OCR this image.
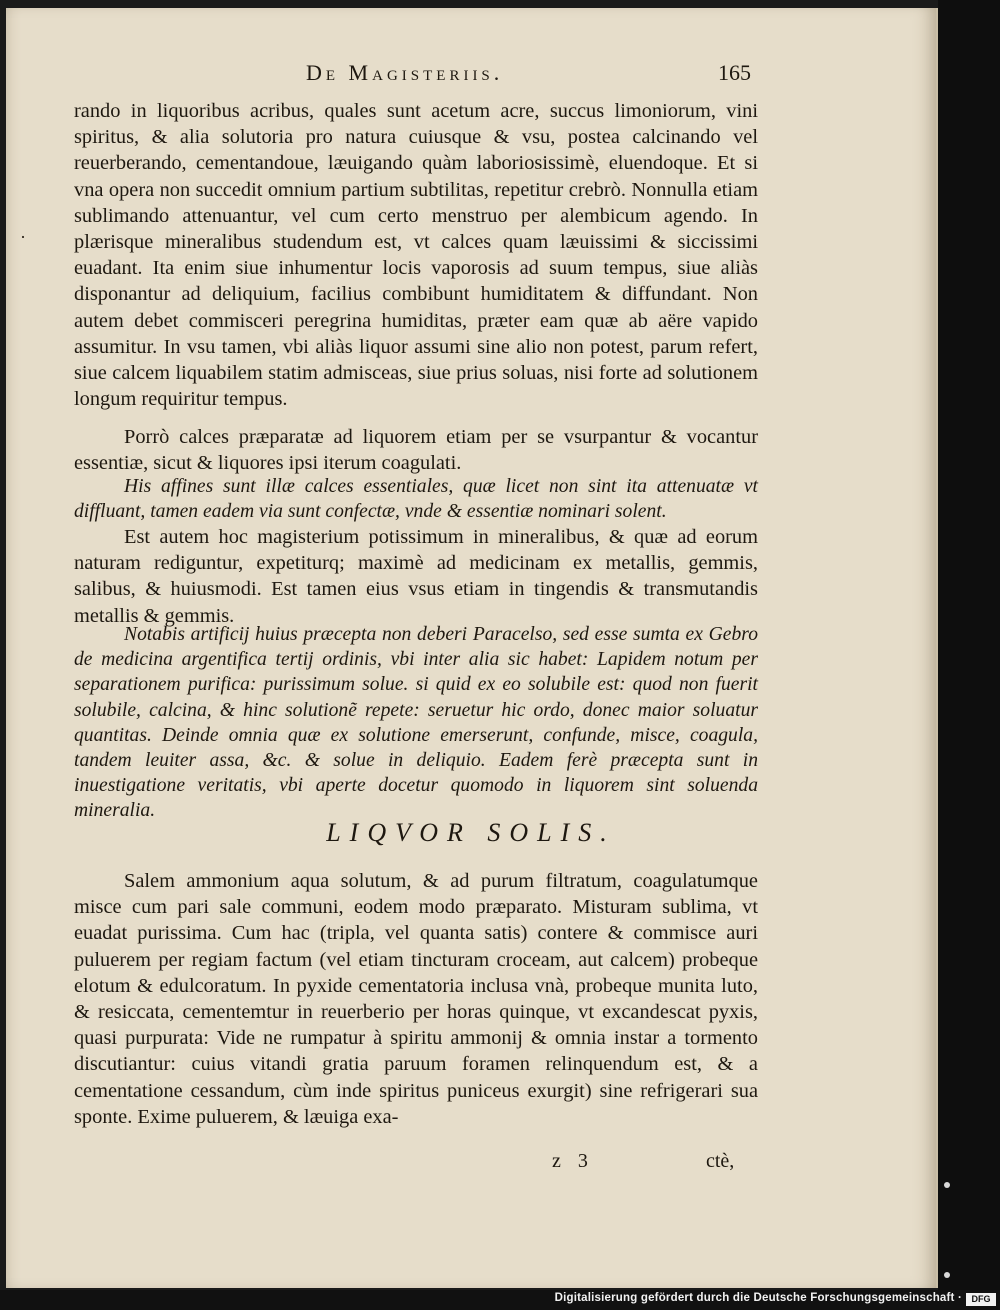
De Magisteriis.	165
·
rando in liquoribus acribus, quales sunt acetum acre, succus limoniorum, vini spiritus, & alia solutoria pro natura cuiusque & vsu, postea calcinando vel reuerberando, cementandoue, læuigando quàm laboriosissimè, eluendoque. Et si vna opera non succedit omnium partium subtilitas, repetitur crebrò. Nonnulla etiam sublimando attenuantur, vel cum certo menstruo per alembicum agendo. In plærisque mineralibus studendum est, vt calces quam læuissimi & siccissimi euadant. Ita enim siue inhumentur locis vaporosis ad suum tempus, siue aliàs disponantur ad deliquium, facilius combibunt humiditatem & diffundant. Non autem debet commisceri peregrina humiditas, præter eam quæ ab aëre vapido assumitur. In vsu tamen, vbi aliàs liquor assumi sine alio non potest, parum refert, siue calcem liquabilem statim admisceas, siue prius soluas, nisi forte ad solutionem longum requiritur tempus.
Porrò calces præparatæ ad liquorem etiam per se vsurpantur & vocantur essentiæ, sicut & liquores ipsi iterum coagulati.
His affines sunt illæ calces essentiales, quæ licet non sint ita attenuatæ vt diffluant, tamen eadem via sunt confectæ, vnde & essentiæ nominari solent.
Est autem hoc magisterium potissimum in mineralibus, & quæ ad eorum naturam rediguntur, expetiturq; maximè ad medicinam ex metallis, gemmis, salibus, & huiusmodi. Est tamen eius vsus etiam in tingendis & transmutandis metallis & gemmis.
Notabis artificij huius præcepta non deberi Paracelso, sed esse sumta ex Gebro de medicina argentifica tertij ordinis, vbi inter alia sic habet: Lapidem notum per separationem purifica: purissimum solue. si quid ex eo solubile est: quod non fuerit solubile, calcina, & hinc solutionẽ repete: seruetur hic ordo, donec maior soluatur quantitas. Deinde omnia quæ ex solutione emerserunt, confunde, misce, coagula, tandem leuiter assa, &c. & solue in deliquio. Eadem ferè præcepta sunt in inuestigatione veritatis, vbi aperte docetur quomodo in liquorem sint soluenda mineralia.
LIQVOR SOLIS.
Salem ammonium aqua solutum, & ad purum filtratum, coagulatumque misce cum pari sale communi, eodem modo præparato. Misturam sublima, vt euadat purissima. Cum hac (tripla, vel quanta satis) contere & commisce auri puluerem per regiam factum (vel etiam tincturam croceam, aut calcem) probeque elotum & edulcoratum. In pyxide cementatoria inclusa vnà, probeque munita luto, & resiccata, cementemtur in reuerberio per horas quinque, vt excandescat pyxis, quasi purpurata: Vide ne rumpatur à spiritu ammonij & omnia instar a tormento discutiantur: cuius vitandi gratia paruum foramen relinquendum est, & a cementatione cessandum, cùm inde spiritus puniceus exurgit) sine refrigerari sua sponte. Exime puluerem, & læuiga exa-
z 3	ctè,
Digitalisierung gefördert durch die Deutsche Forschungsgemeinschaft ·	DFG
